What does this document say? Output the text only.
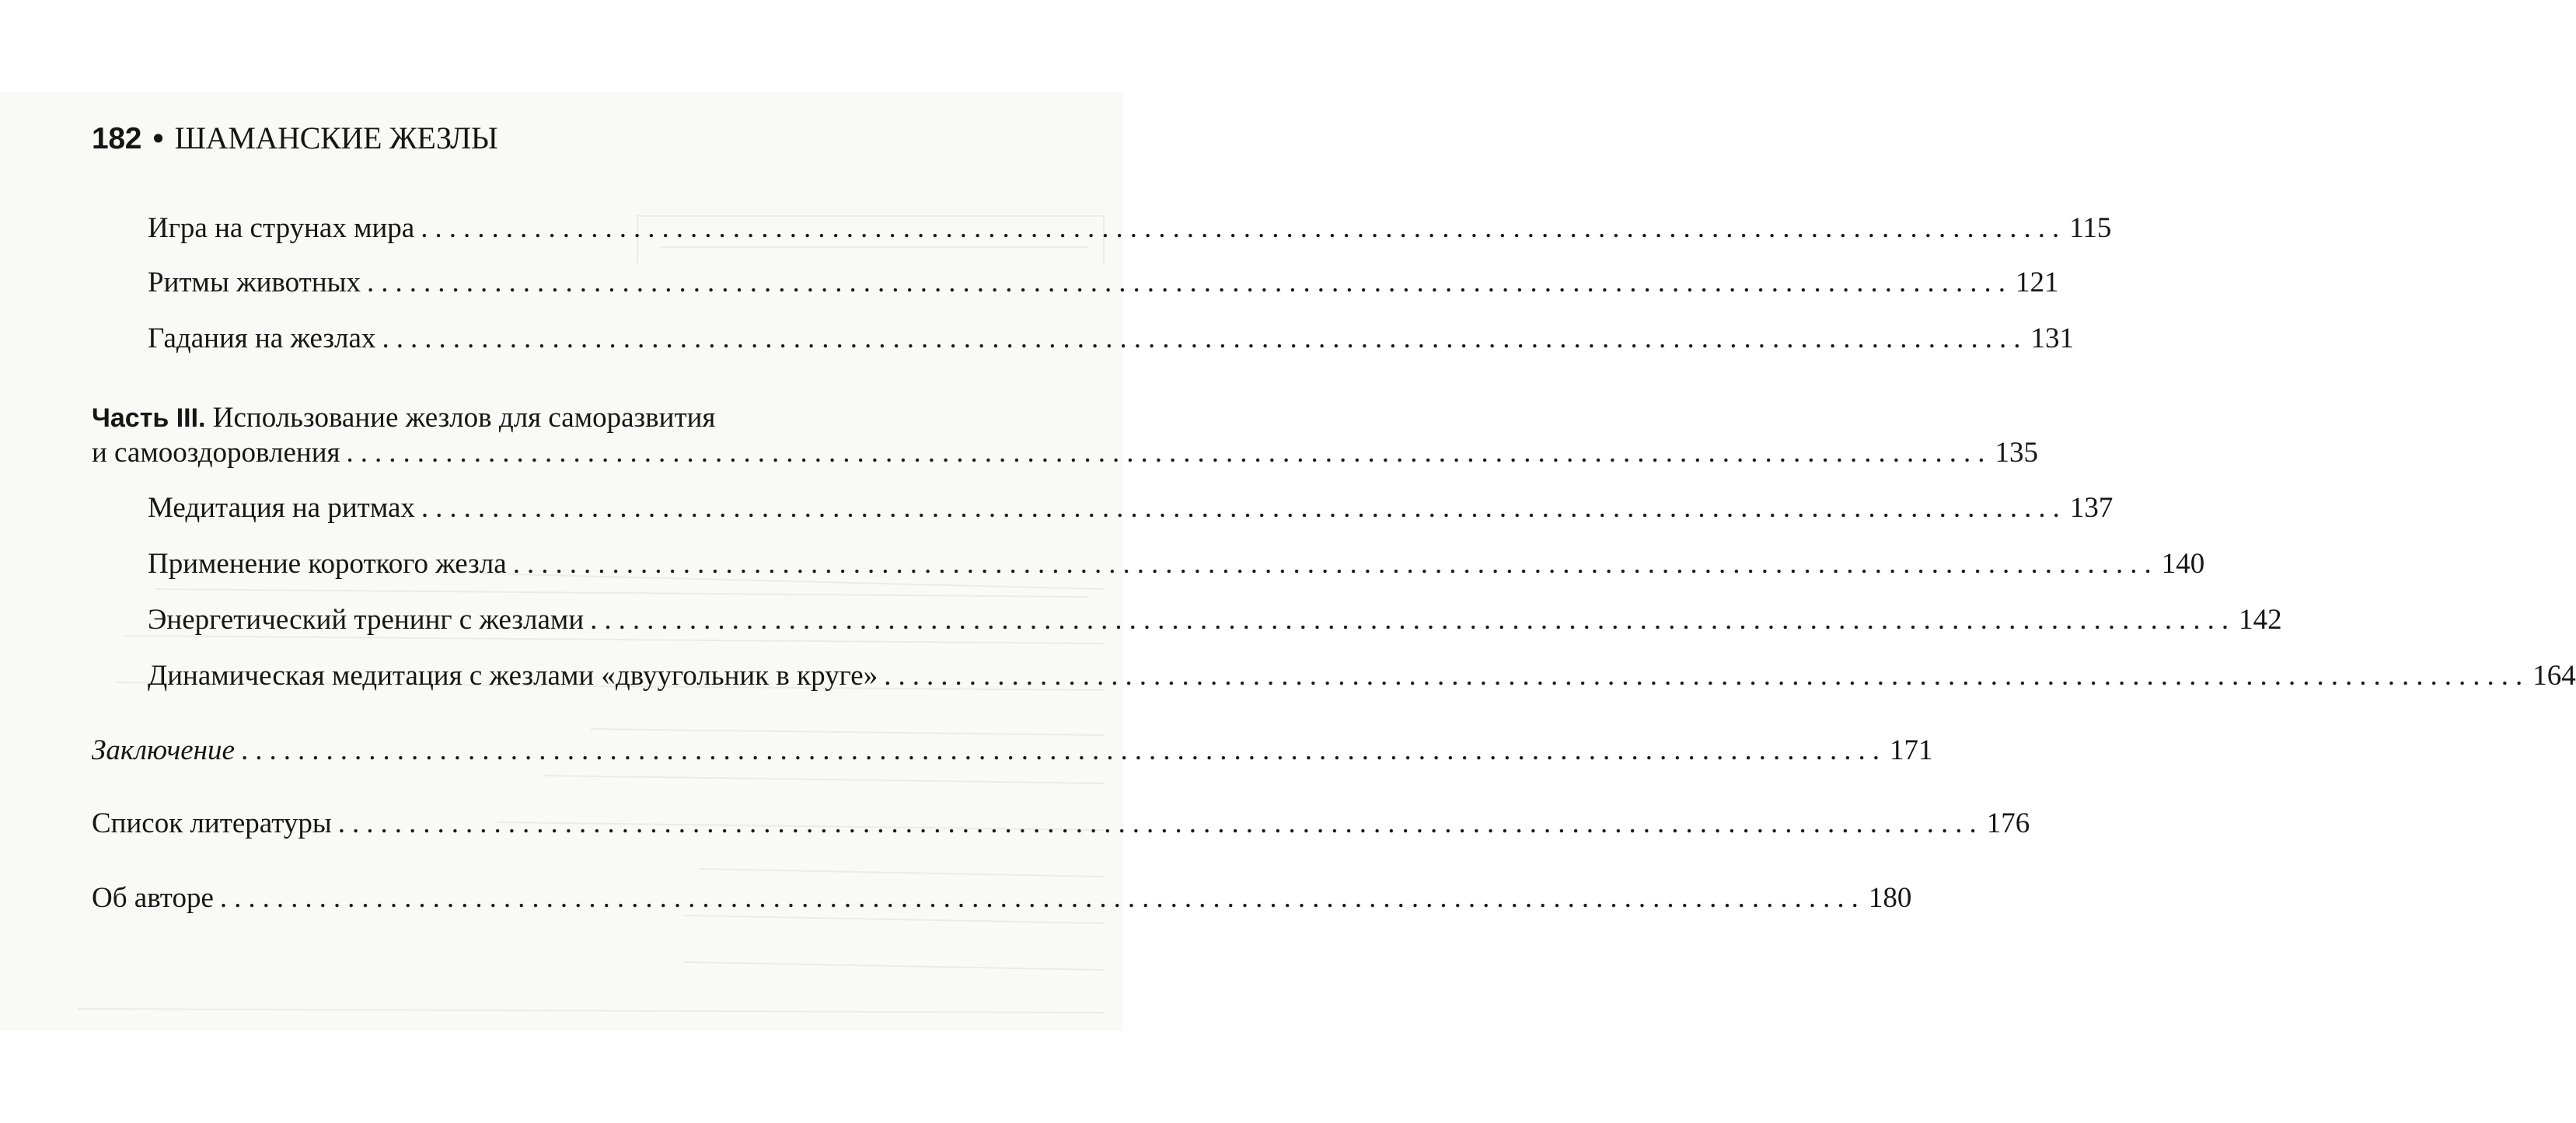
182 • ШАМАНСКИЕ ЖЕЗЛЫ
Игра на струнах мира .................................................................................................................... 115
Ритмы животных .................................................................................................................... 121
Гадания на жезлах .................................................................................................................... 131
Часть III. Использование жезлов для саморазвития
и самооздоровления .................................................................................................................... 135
Медитация на ритмах .................................................................................................................... 137
Применение короткого жезла .................................................................................................................... 140
Энергетический тренинг с жезлами .................................................................................................................... 142
Динамическая медитация с жезлами «двуугольник в круге» .................................................................................................................... 164
Заключение .................................................................................................................... 171
Список литературы .................................................................................................................... 176
Об авторе .................................................................................................................... 180
